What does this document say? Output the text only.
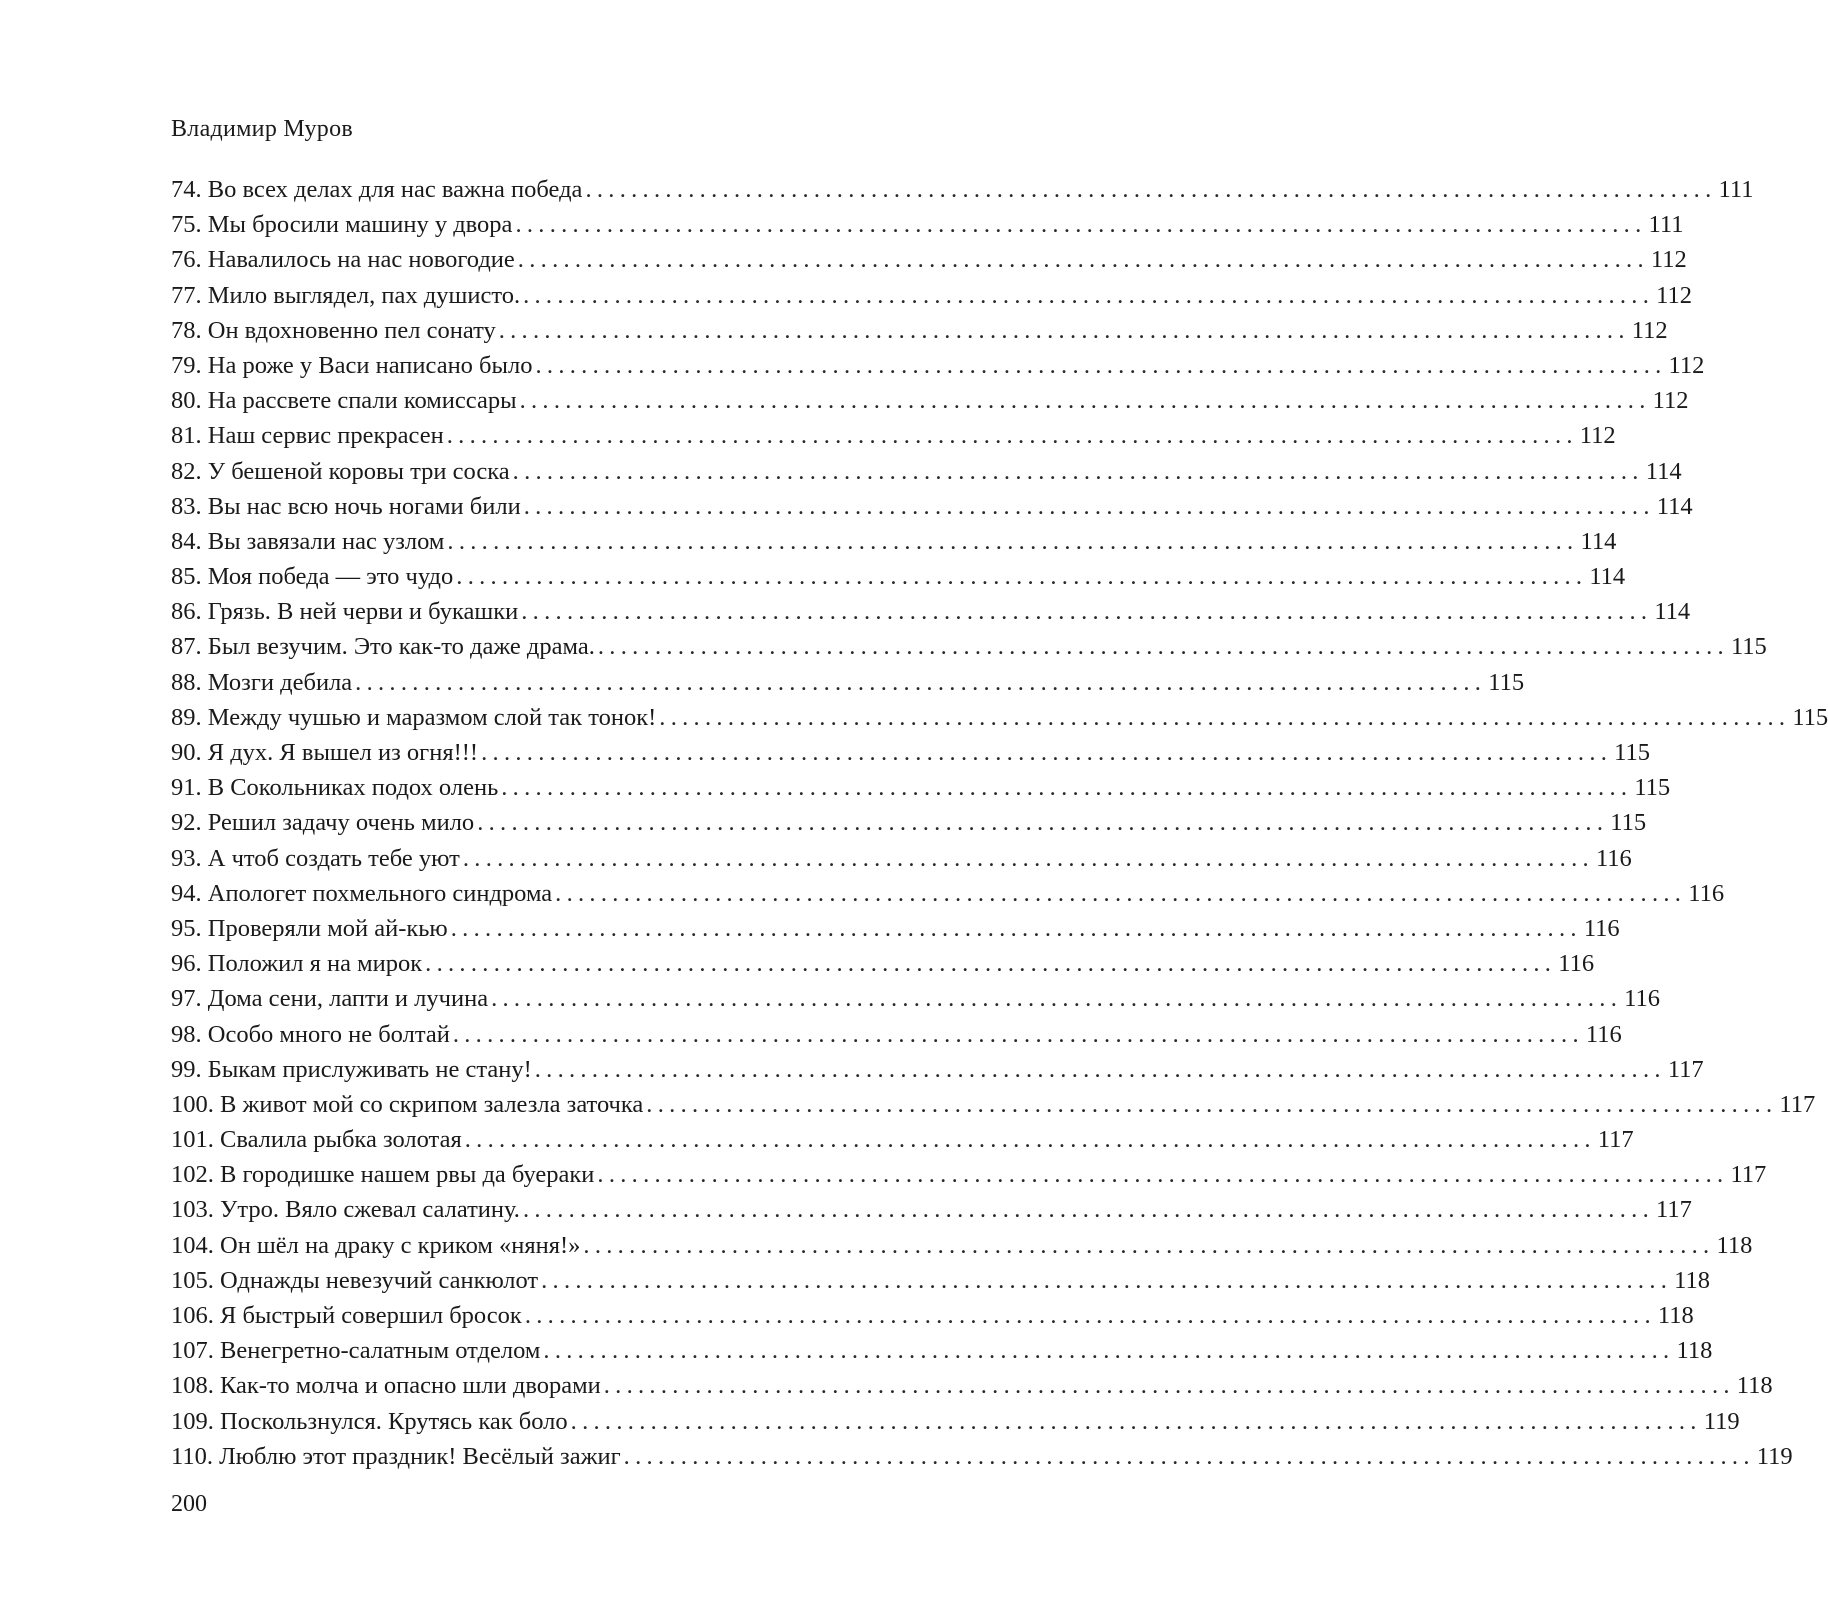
Владимир Муров
74. Во всех делах для нас важна победа ................................................................................................... 111
75. Мы бросили машину у двора ................................................................................................... 111
76. Навалилось на нас новогодие ................................................................................................... 112
77. Мило выглядел, пах душисто. ................................................................................................... 112
78. Он вдохновенно пел сонату ................................................................................................... 112
79. На роже у Васи написано было ................................................................................................... 112
80. На рассвете спали комиссары ................................................................................................... 112
81. Наш сервис прекрасен ................................................................................................... 112
82. У бешеной коровы три соска ................................................................................................... 114
83. Вы нас всю ночь ногами били ................................................................................................... 114
84. Вы завязали нас узлом ................................................................................................... 114
85. Моя победа — это чудо ................................................................................................... 114
86. Грязь. В ней черви и букашки ................................................................................................... 114
87. Был везучим. Это как-то даже драма. ................................................................................................... 115
88. Мозги дебила ................................................................................................... 115
89. Между чушью и маразмом слой так тонок! ................................................................................................... 115
90. Я дух. Я вышел из огня!!! ................................................................................................... 115
91. В Сокольниках подох олень ................................................................................................... 115
92. Решил задачу очень мило ................................................................................................... 115
93. А чтоб создать тебе уют ................................................................................................... 116
94. Апологет похмельного синдрома ................................................................................................... 116
95. Проверяли мой ай-кью ................................................................................................... 116
96. Положил я на мирок ................................................................................................... 116
97. Дома сени, лапти и лучина ................................................................................................... 116
98. Особо много не болтай ................................................................................................... 116
99. Быкам прислуживать не стану! ................................................................................................... 117
100. В живот мой со скрипом залезла заточка ................................................................................................... 117
101. Свалила рыбка золотая ................................................................................................... 117
102. В городишке нашем рвы да буераки ................................................................................................... 117
103. Утро. Вяло сжевал салатину. ................................................................................................... 117
104. Он шёл на драку с криком «няня!» ................................................................................................... 118
105. Однажды невезучий санкюлот ................................................................................................... 118
106. Я быстрый совершил бросок ................................................................................................... 118
107. Венегретно-салатным отделом ................................................................................................... 118
108. Как-то молча и опасно шли дворами ................................................................................................... 118
109. Поскользнулся. Крутясь как боло ................................................................................................... 119
110. Люблю этот праздник! Весёлый зажиг ................................................................................................... 119
200
